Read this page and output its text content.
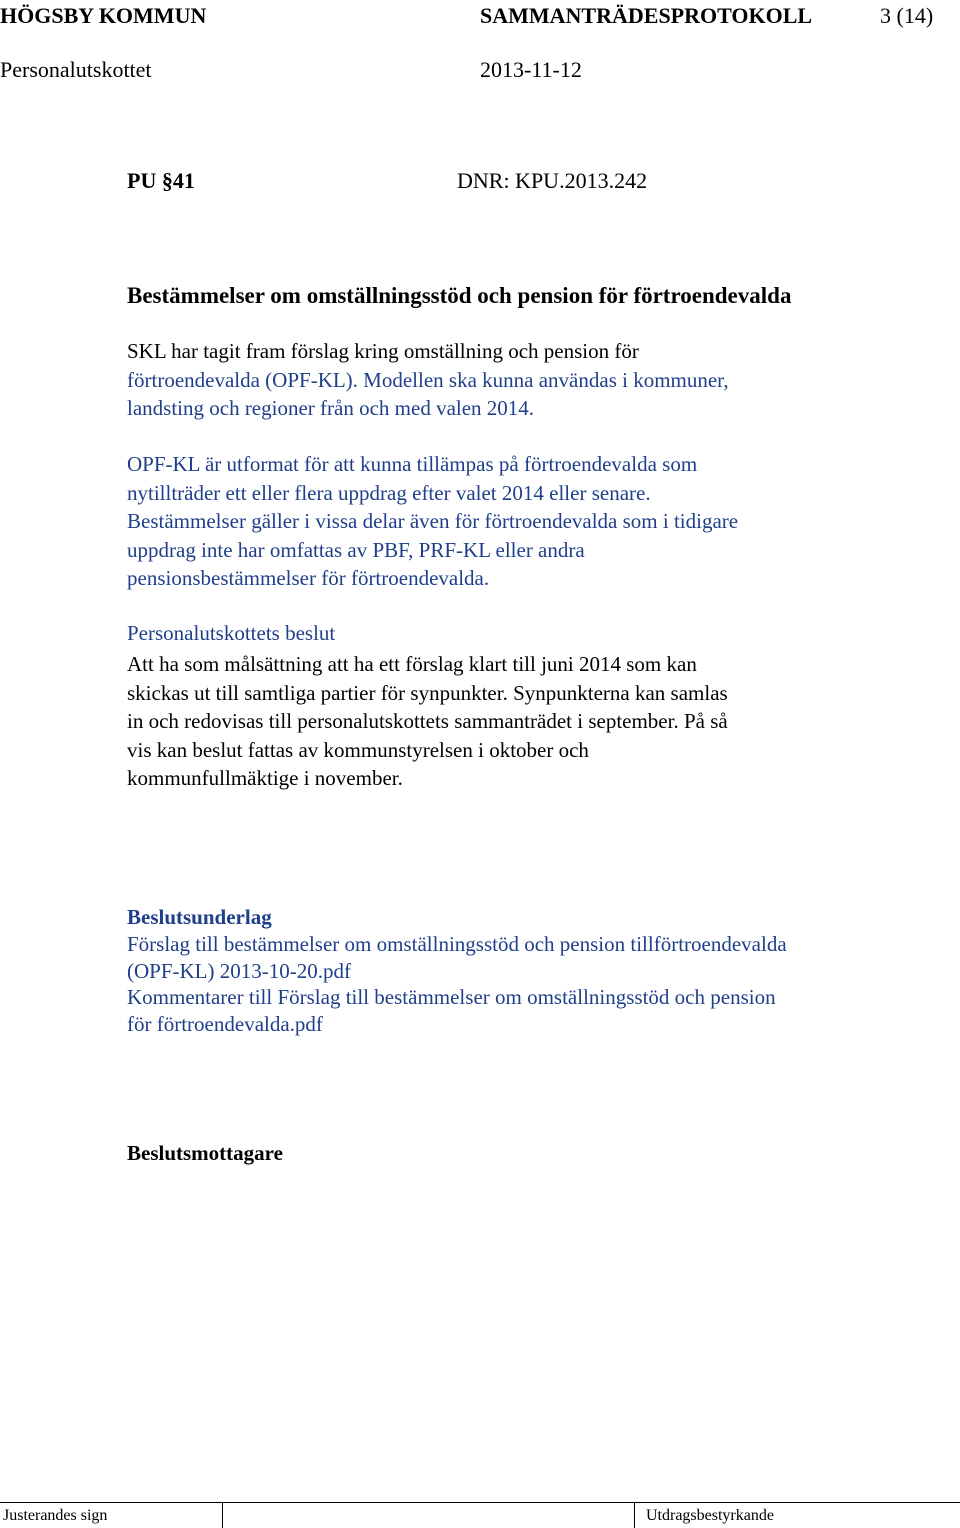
HÖGSBY KOMMUN	SAMMANTRÄDESPROTOKOLL	3 (14)
Personalutskottet	2013-11-12
PU §41	DNR: KPU.2013.242
Bestämmelser om omställningsstöd och pension för förtroendevalda
SKL har tagit fram förslag kring omställning och pension för
förtroendevalda (OPF-KL). Modellen ska kunna användas i kommuner,
landsting och regioner från och med valen 2014.
OPF-KL är utformat för att kunna tillämpas på förtroendevalda som
nytillträder ett eller flera uppdrag efter valet 2014 eller senare.
Bestämmelser gäller i vissa delar även för förtroendevalda som i tidigare
uppdrag inte har omfattas av PBF, PRF-KL eller andra
pensionsbestämmelser för förtroendevalda.
Personalutskottets beslut
Att ha som målsättning att ha ett förslag klart till juni 2014 som kan
skickas ut till samtliga partier för synpunkter. Synpunkterna kan samlas
in och redovisas till personalutskottets sammanträdet i september. På så
vis kan beslut fattas av kommunstyrelsen i oktober och
kommunfullmäktige i november.
Beslutsunderlag
Förslag till bestämmelser om omställningsstöd och pension tillförtroendevalda
(OPF-KL) 2013-10-20.pdf
Kommentarer till Förslag till bestämmelser om omställningsstöd och pension
för förtroendevalda.pdf
Beslutsmottagare
Justerandes sign	Utdragsbestyrkande
